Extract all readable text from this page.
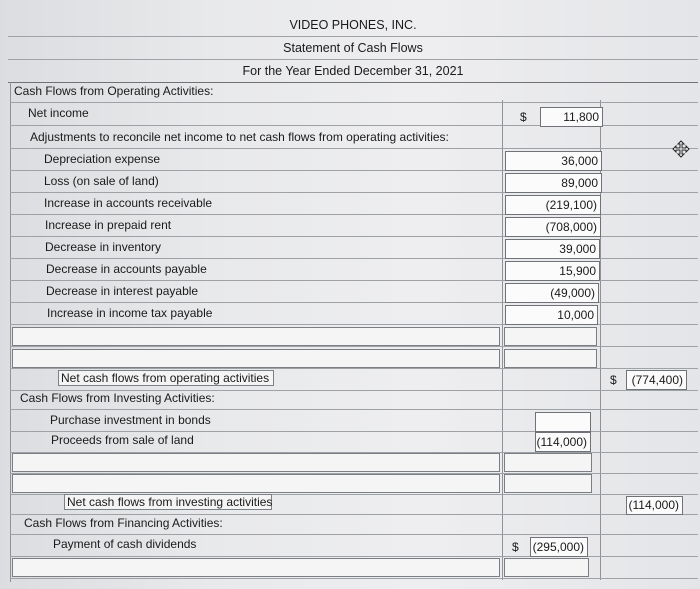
VIDEO PHONES, INC.
Statement of Cash Flows
For the Year Ended December 31, 2021
Cash Flows from Operating Activities:
Net income	$	11,800
Adjustments to reconcile net income to net cash flows from operating activities:
Depreciation expense	36,000
Loss (on sale of land)	89,000
Increase in accounts receivable	(219,100)
Increase in prepaid rent	(708,000)
Decrease in inventory	39,000
Decrease in accounts payable	15,900
Decrease in interest payable	(49,000)
Increase in income tax payable	10,000
Net cash flows from operating activities	$	(774,400)
Cash Flows from Investing Activities:
Purchase investment in bonds
Proceeds from sale of land	(114,000)
Net cash flows from investing activities	(114,000)
Cash Flows from Financing Activities:
Payment of cash dividends	$ (295,000)
